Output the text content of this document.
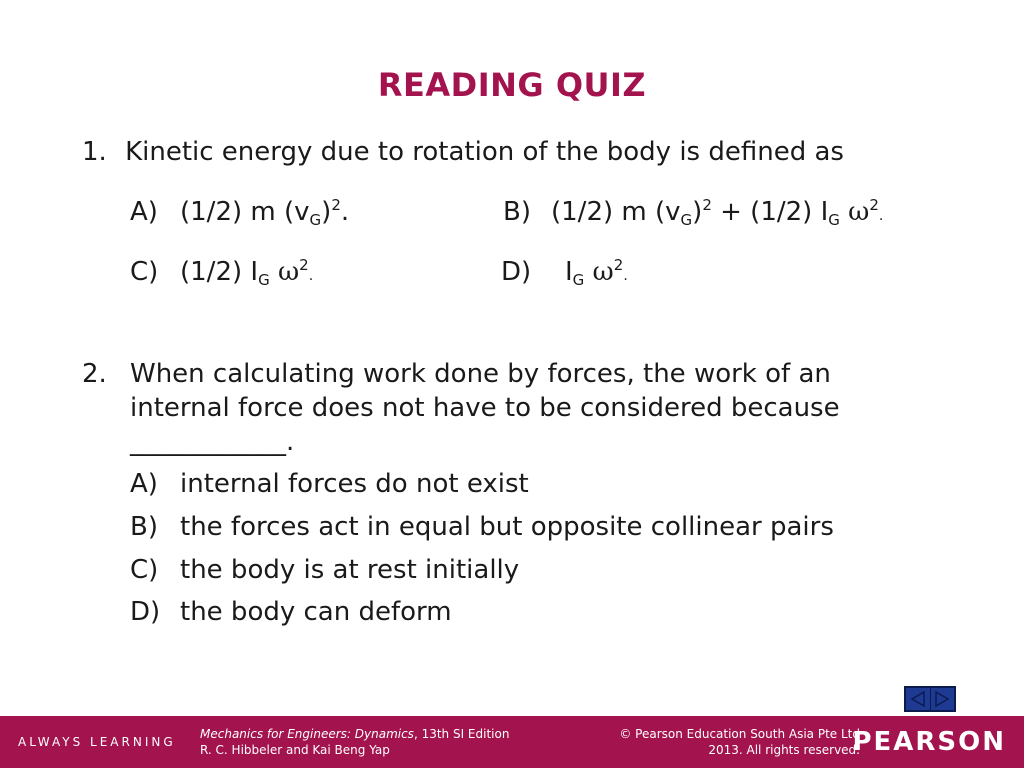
READING QUIZ
1. Kinetic energy due to rotation of the body is defined as
A) (1/2) m $(v_G)^2$.	B) (1/2) m $(v_G)^2 + (1/2)$ $I_G$ $\omega^2$.
C) (1/2) $I_G$ $\omega^2$.	D) $I_G$ $\omega^2$.
2. When calculating work done by forces, the work of an
internal force does not have to be considered because
____________.
A) internal forces do not exist
B) the forces act in equal but opposite collinear pairs
C) the body is at rest initially
D) the body can deform
ALWAYS LEARNING
Mechanics for Engineers: Dynamics, 13th SI Edition
R. C. Hibbeler and Kai Beng Yap
© Pearson Education South Asia Pte Ltd
2013. All rights reserved.
PEARSON
